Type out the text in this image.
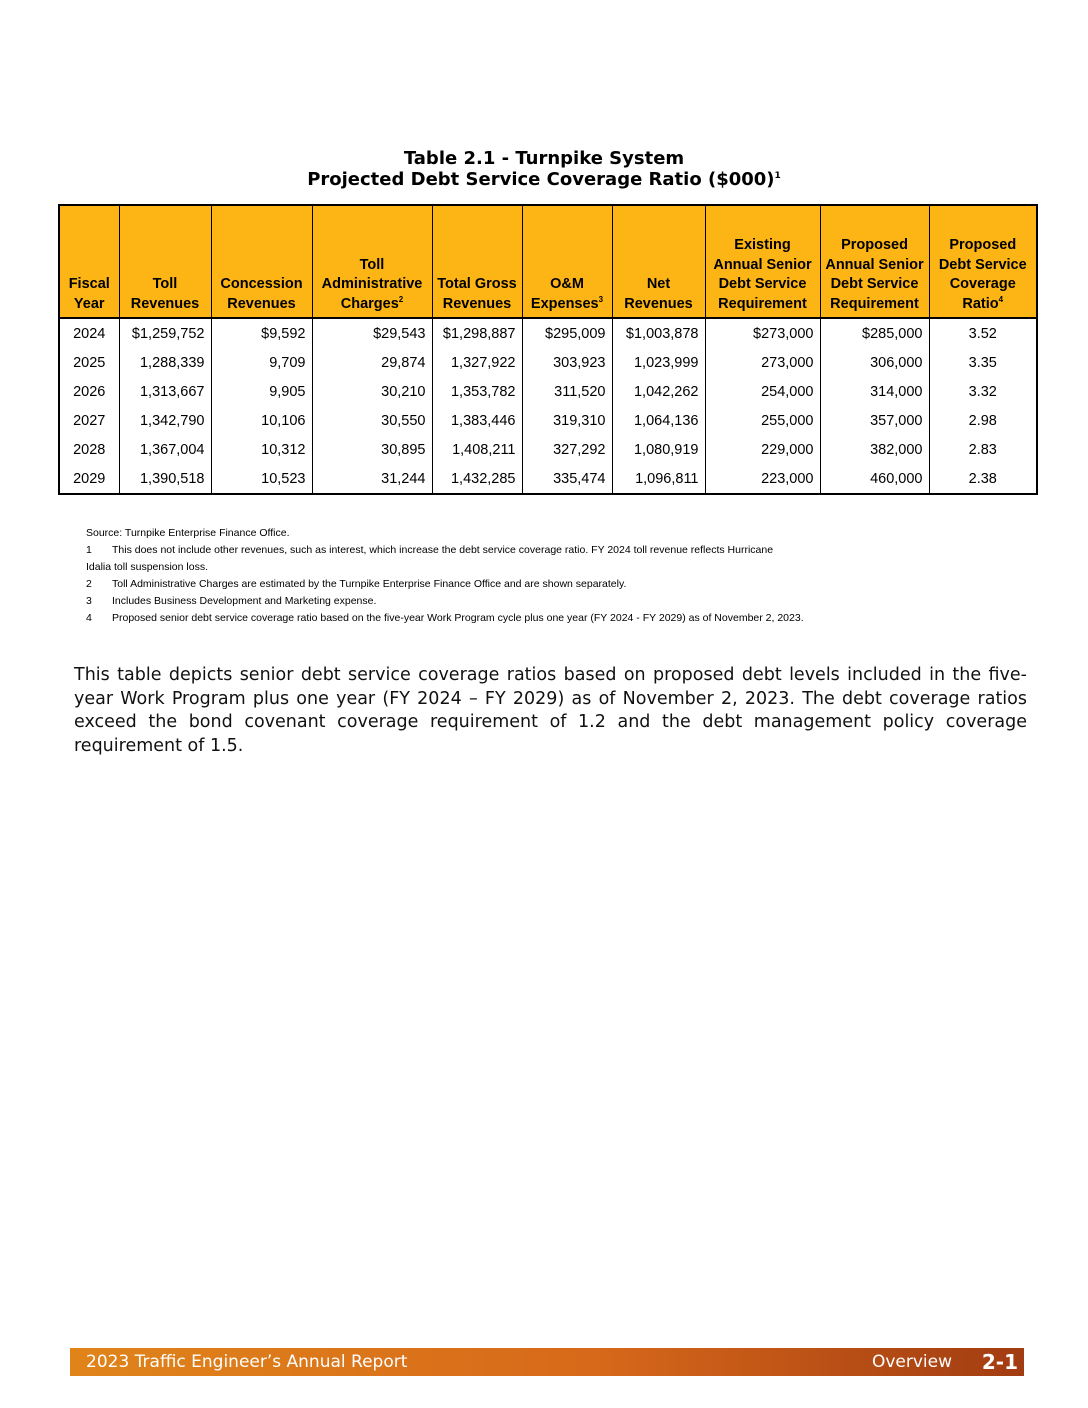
Table 2.1 - Turnpike System
Projected Debt Service Coverage Ratio ($000)$^1$
Fiscal Year	Toll Revenues	Concession Revenues	Toll Administrative Charges$^2$	Total Gross Revenues	O&M Expenses$^3$	Net Revenues	Existing Annual Senior Debt Service Requirement	Proposed Annual Senior Debt Service Requirement	Proposed Debt Service Coverage Ratio$^4$
2024	$1,259,752	$9,592	$29,543	$1,298,887	$295,009	$1,003,878	$273,000	$285,000	3.52
2025	1,288,339	9,709	29,874	1,327,922	303,923	1,023,999	273,000	306,000	3.35
2026	1,313,667	9,905	30,210	1,353,782	311,520	1,042,262	254,000	314,000	3.32
2027	1,342,790	10,106	30,550	1,383,446	319,310	1,064,136	255,000	357,000	2.98
2028	1,367,004	10,312	30,895	1,408,211	327,292	1,080,919	229,000	382,000	2.83
2029	1,390,518	10,523	31,244	1,432,285	335,474	1,096,811	223,000	460,000	2.38
Source: Turnpike Enterprise Finance Office.
1	This does not include other revenues, such as interest, which increase the debt service coverage ratio. FY 2024 toll revenue reflects Hurricane
Idalia toll suspension loss.
2	Toll Administrative Charges are estimated by the Turnpike Enterprise Finance Office and are shown separately.
3	Includes Business Development and Marketing expense.
4	Proposed senior debt service coverage ratio based on the five-year Work Program cycle plus one year (FY 2024 - FY 2029) as of November 2, 2023.
This table depicts senior debt service coverage ratios based on proposed debt levels included in the five-year Work Program plus one year (FY 2024 – FY 2029) as of November 2, 2023. The debt coverage ratios exceed the bond covenant coverage requirement of 1.2 and the debt management policy coverage requirement of 1.5.
2023 Traffic Engineer’s Annual Report	Overview 2-1
